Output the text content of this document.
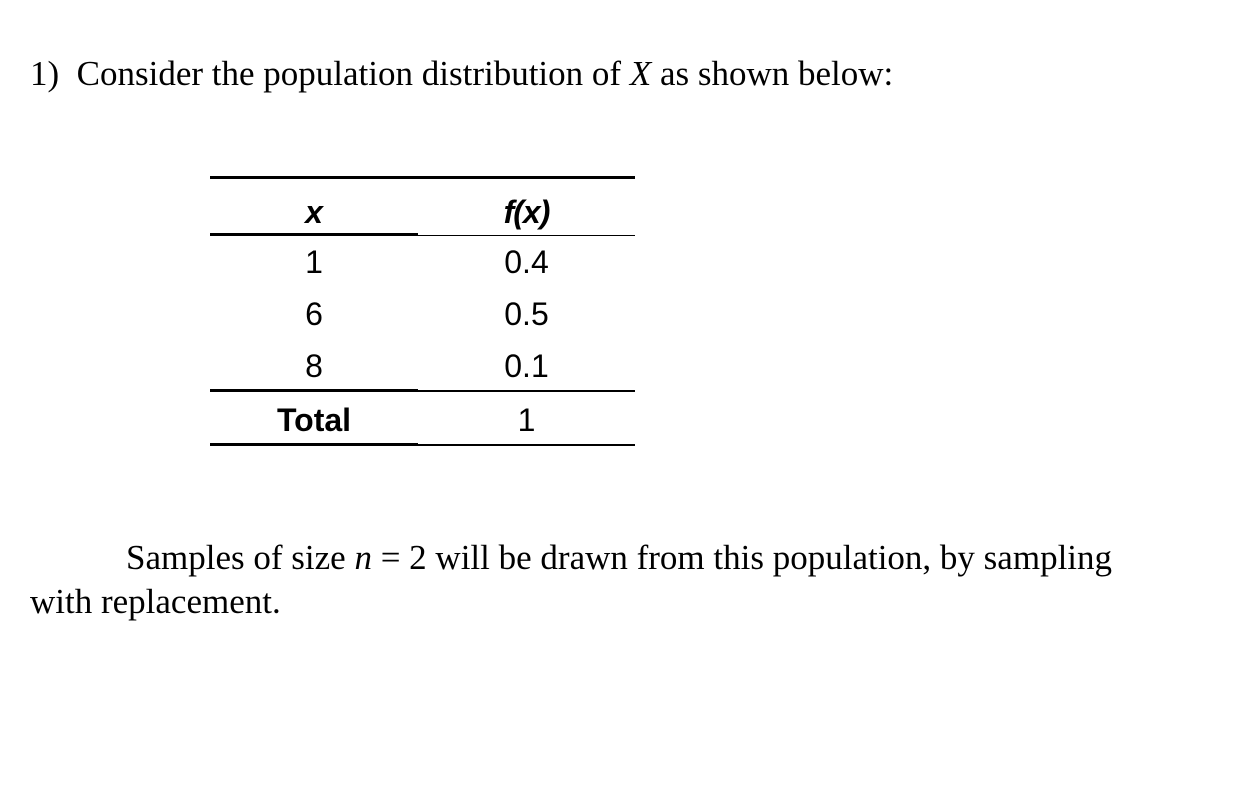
1) Consider the population distribution of X as shown below:
x	f(x)
1	0.4
6	0.5
8	0.1
Total	1
Samples of size n = 2 will be drawn from this population, by sampling
with replacement.
